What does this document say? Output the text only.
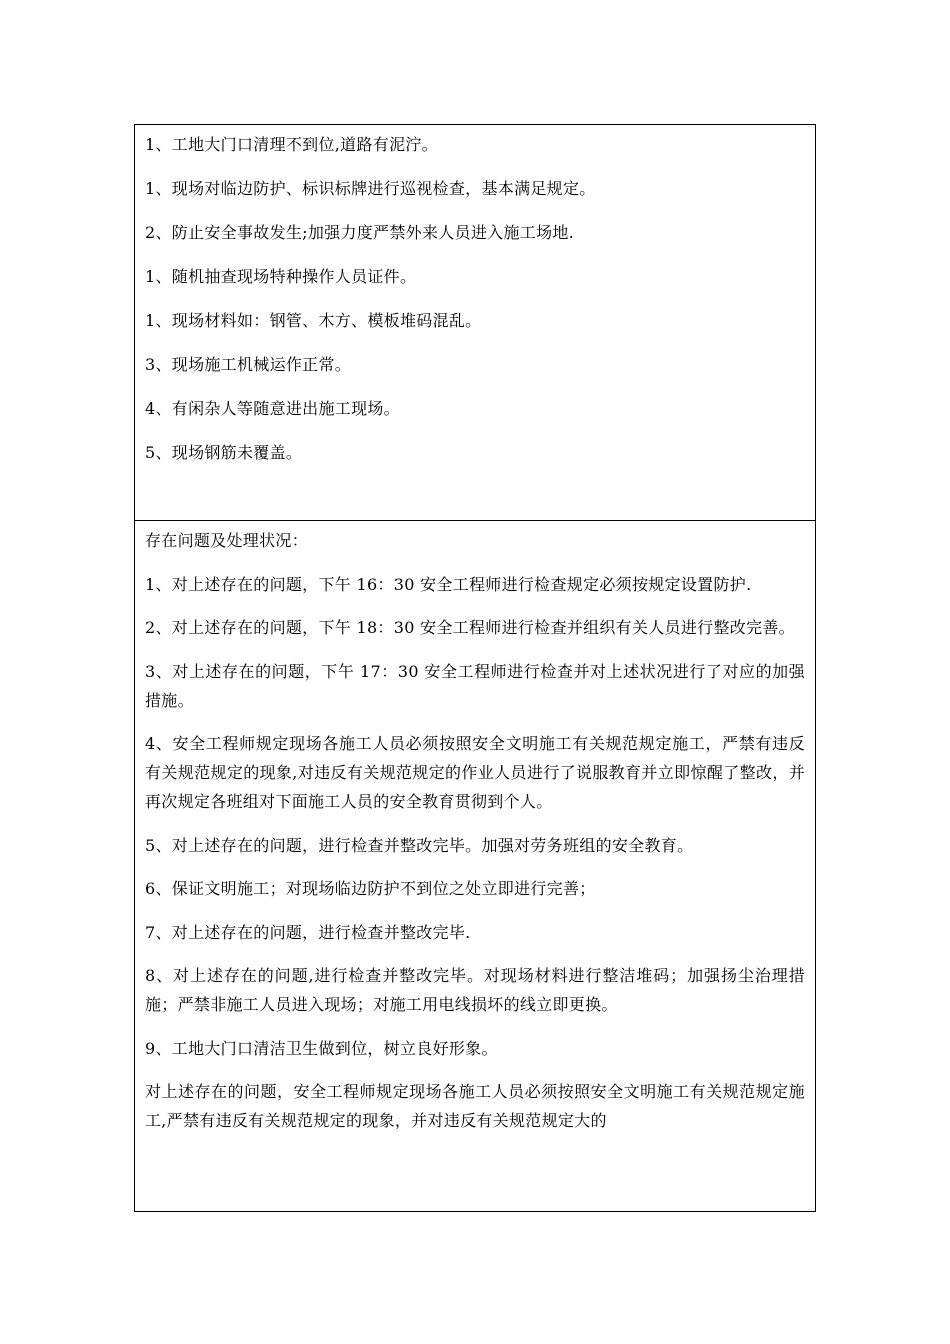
1、工地大门口清理不到位,道路有泥泞。

1、现场对临边防护、标识标牌进行巡视检查，基本满足规定。

2、防止安全事故发生;加强力度严禁外来人员进入施工场地.

1、随机抽查现场特种操作人员证件。

1、现场材料如：钢管、木方、模板堆码混乱。

3、现场施工机械运作正常。

4、有闲杂人等随意进出施工现场。

5、现场钢筋未覆盖。

存在问题及处理状况：

1、对上述存在的问题，下午 16：30 安全工程师进行检查规定必须按规定设置防护.

2、对上述存在的问题，下午 18：30 安全工程师进行检查并组织有关人员进行整改完善。

3、对上述存在的问题，下午 17：30 安全工程师进行检查并对上述状况进行了对应的加强措施。

4、安全工程师规定现场各施工人员必须按照安全文明施工有关规范规定施工，严禁有违反有关规范规定的现象,对违反有关规范规定的作业人员进行了说服教育并立即惊醒了整改，并再次规定各班组对下面施工人员的安全教育贯彻到个人。

5、对上述存在的问题，进行检查并整改完毕。加强对劳务班组的安全教育。

6、保证文明施工；对现场临边防护不到位之处立即进行完善；

7、对上述存在的问题，进行检查并整改完毕.

8、对上述存在的问题,进行检查并整改完毕。对现场材料进行整洁堆码；加强扬尘治理措施；严禁非施工人员进入现场；对施工用电线损坏的线立即更换。

9、工地大门口清洁卫生做到位，树立良好形象。

对上述存在的问题，安全工程师规定现场各施工人员必须按照安全文明施工有关规范规定施工,严禁有违反有关规范规定的现象，并对违反有关规范规定大的
